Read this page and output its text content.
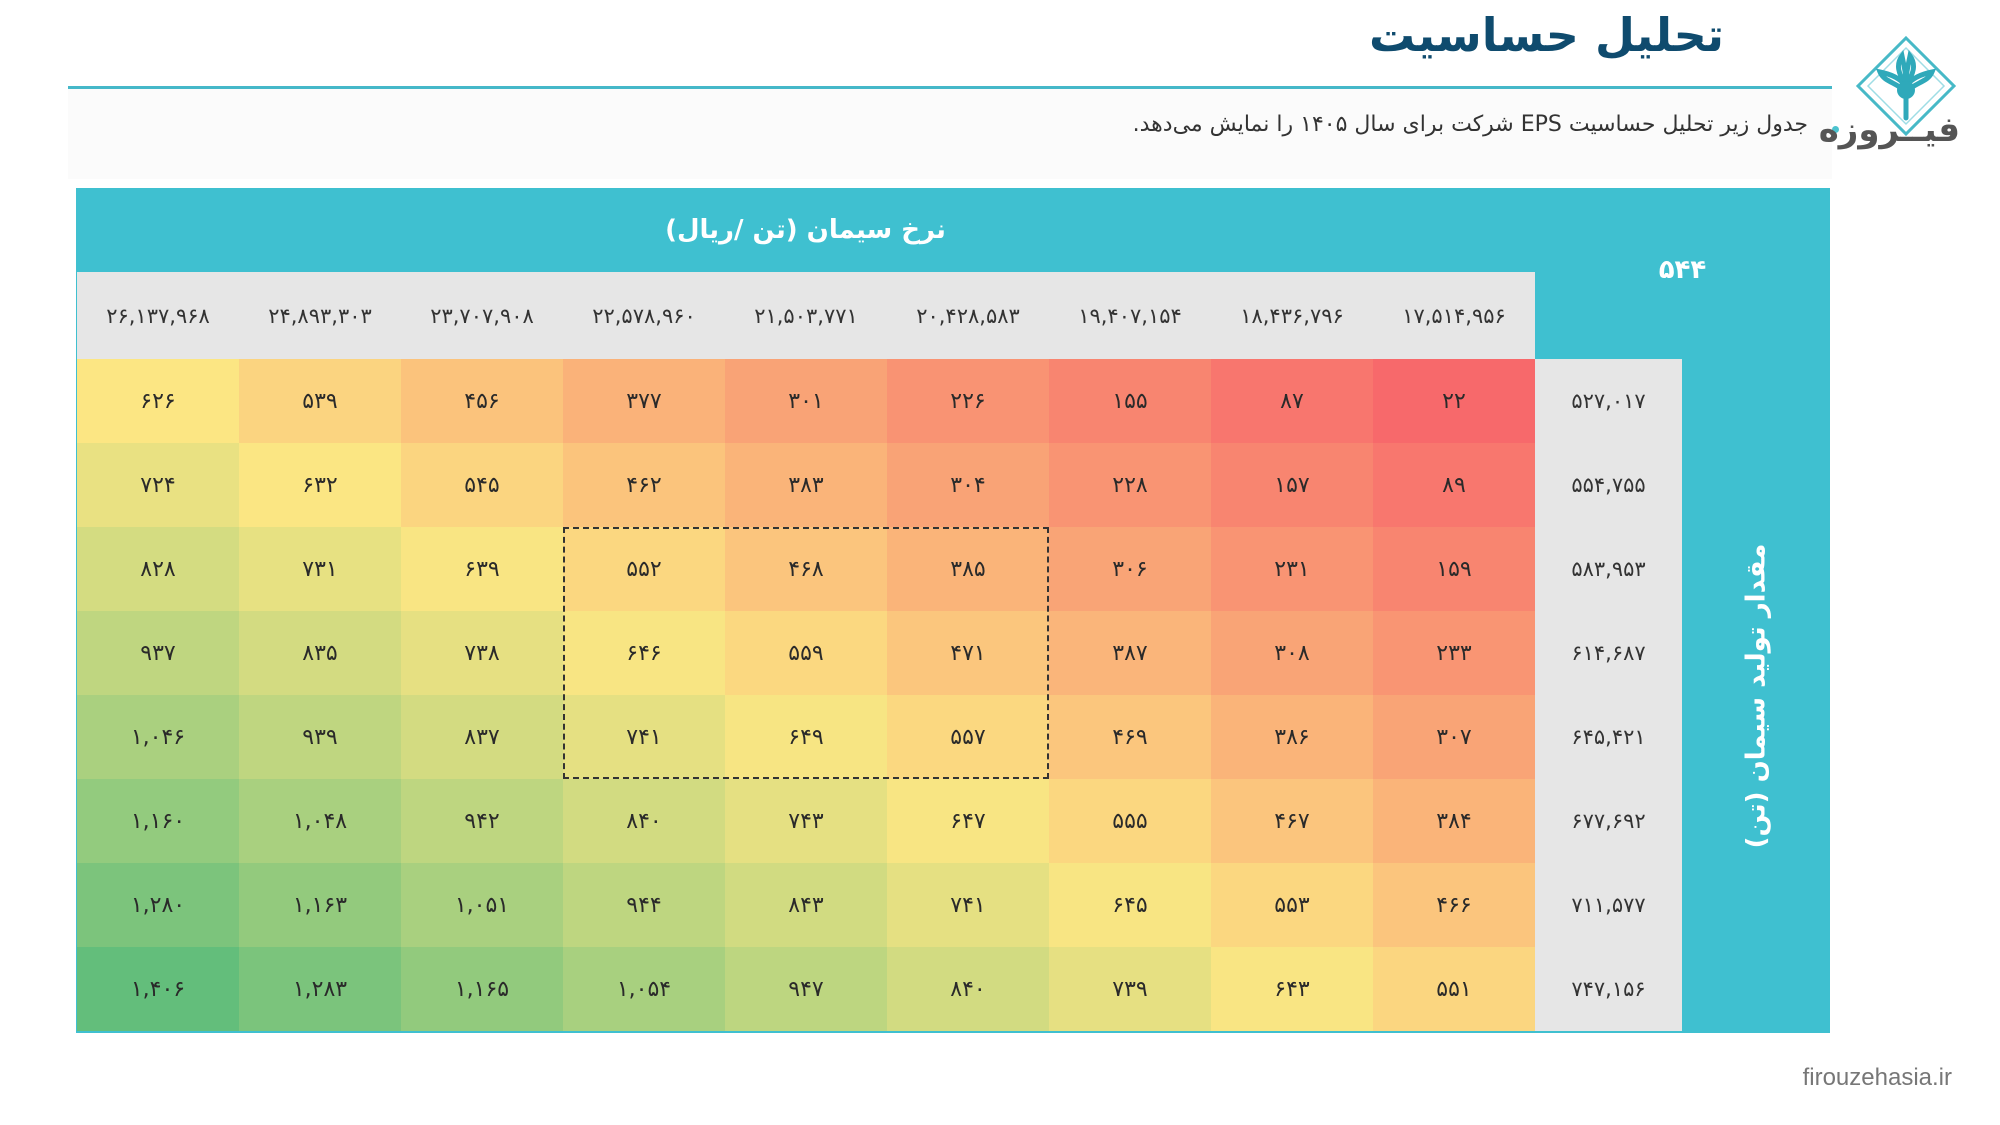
تحلیل حساسیت
جدول زیر تحلیل حساسیت EPS شرکت برای سال ۱۴۰۵ را نمایش می‌دهد. فیــروزه
نرخ سیمان (تن /ریال)
۵۴۴
مقدار تولید سیمان (تن)
۱۷,۵۱۴,۹۵۶
۱۸,۴۳۶,۷۹۶
۱۹,۴۰۷,۱۵۴
۲۰,۴۲۸,۵۸۳
۲۱,۵۰۳,۷۷۱
۲۲,۵۷۸,۹۶۰
۲۳,۷۰۷,۹۰۸
۲۴,۸۹۳,۳۰۳
۲۶,۱۳۷,۹۶۸
۵۲۷,۰۱۷
۵۵۴,۷۵۵
۵۸۳,۹۵۳
۶۱۴,۶۸۷
۶۴۵,۴۲۱
۶۷۷,۶۹۲
۷۱۱,۵۷۷
۷۴۷,۱۵۶
۲۲
۸۷
۱۵۵
۲۲۶
۳۰۱
۳۷۷
۴۵۶
۵۳۹
۶۲۶
۸۹
۱۵۷
۲۲۸
۳۰۴
۳۸۳
۴۶۲
۵۴۵
۶۳۲
۷۲۴
۱۵۹
۲۳۱
۳۰۶
۳۸۵
۴۶۸
۵۵۲
۶۳۹
۷۳۱
۸۲۸
۲۳۳
۳۰۸
۳۸۷
۴۷۱
۵۵۹
۶۴۶
۷۳۸
۸۳۵
۹۳۷
۳۰۷
۳۸۶
۴۶۹
۵۵۷
۶۴۹
۷۴۱
۸۳۷
۹۳۹
۱,۰۴۶
۳۸۴
۴۶۷
۵۵۵
۶۴۷
۷۴۳
۸۴۰
۹۴۲
۱,۰۴۸
۱,۱۶۰
۴۶۶
۵۵۳
۶۴۵
۷۴۱
۸۴۳
۹۴۴
۱,۰۵۱
۱,۱۶۳
۱,۲۸۰
۵۵۱
۶۴۳
۷۳۹
۸۴۰
۹۴۷
۱,۰۵۴
۱,۱۶۵
۱,۲۸۳
۱,۴۰۶
firouzehasia.ir
